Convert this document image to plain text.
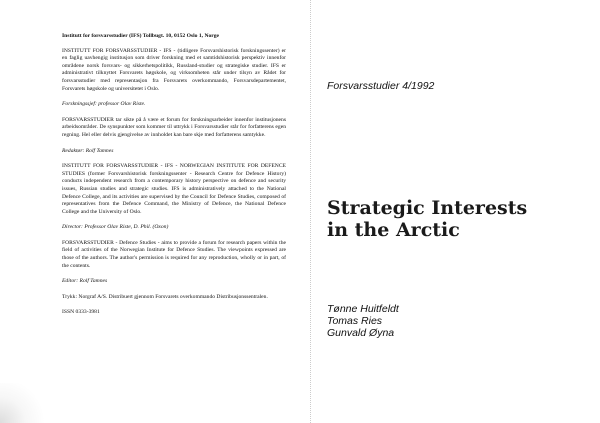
Institutt for forsvarsstudier (IFS) Tollbugt. 10, 0152 Oslo 1, Norge

INSTITUTT FOR FORSVARSSTUDIER - IFS - (tidligere Forsvarshistorisk forskningssenter) er en faglig uavhengig institusjon som driver forskning med et samtidshistorisk perspektiv innenfor områdene norsk forsvars- og sikkerhetspolitikk, Russland-studier og strategiske studier. IFS er administrativt tilknyttet Forsvarets høgskole, og virksomheten står under tilsyn av Rådet for forsvarsstudier med representasjon fra Forsvarets overkommando, Forsvarsdepartementet, Forsvarets høgskole og universitetet i Oslo.

Forskningssjef: professor Olav Riste.

FORSVARSSTUDIER tar sikte på å være et forum for forskningsarbeider innenfor institusjonens arbeidsområder. De synspunkter som kommer til uttrykk i Forsvarsstudier står for forfatterens egen regning. Hel eller delvis gjengivelse av innholdet kan bare skje med forfatterens samtykke.

Redaktør: Rolf Tamnes

INSTITUTT FOR FORSVARSSTUDIER - IFS - NORWEGIAN INSTITUTE FOR DEFENCE STUDIES (former Forsvarshistorisk forskningssenter - Research Centre for Defence History) conducts independent research from a contemporary history perspective on defence and security issues, Russian studies and strategic studies. IFS is administratively attached to the National Defence College, and its activities are supervised by the Council for Defence Studies, composed of representatives from the Defence Command, the Ministry of Defence, the National Defence College and the University of Oslo.

Director: Professor Olav Riste, D. Phil. (Oxon)

FORSVARSSTUDIER - Defence Studies - aims to provide a forum for research papers within the field of activities of the Norwegian Institute for Defence Studies. The viewpoints expressed are those of the authors. The author's permission is required for any reproduction, wholly or in part, of the contents.

Editor: Rolf Tamnes

Trykk: Norgraf A/S. Distribuert gjennom Forsvarets overkommando Distribusjonssentralen.

ISSN 0333-3981

Forsvarsstudier 4/1992
Strategic Interests
in the Arctic
Tønne Huitfeldt
Tomas Ries
Gunvald Øyna
